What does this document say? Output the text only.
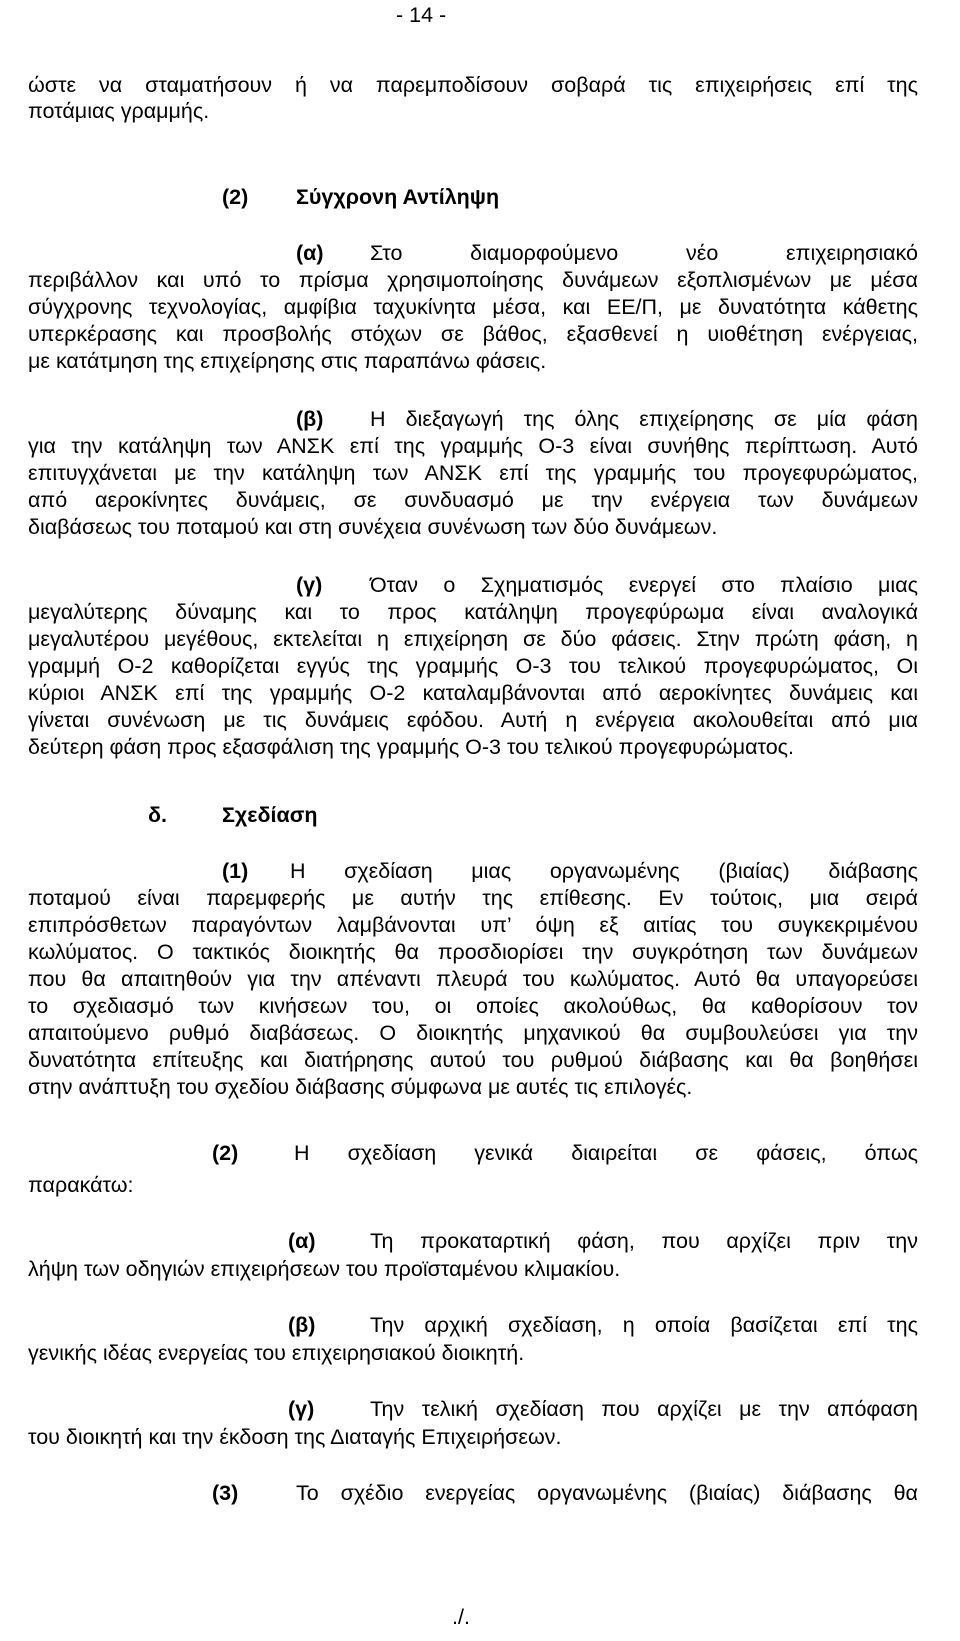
- 14 -
ώστε να σταματήσουν ή να παρεμποδίσουν σοβαρά τις επιχειρήσεις επί της
ποτάμιας γραμμής.
(2) Σύγχρονη Αντίληψη
(α) Στο διαμορφούμενο νέο επιχειρησιακό
περιβάλλον και υπό το πρίσμα χρησιμοποίησης δυνάμεων εξοπλισμένων με μέσα
σύγχρονης τεχνολογίας, αμφίβια ταχυκίνητα μέσα, και ΕΕ/Π, με δυνατότητα κάθετης
υπερκέρασης και προσβολής στόχων σε βάθος, εξασθενεί η υιοθέτηση ενέργειας,
με κατάτμηση της επιχείρησης στις παραπάνω φάσεις.
(β) Η διεξαγωγή της όλης επιχείρησης σε μία φάση
για την κατάληψη των ΑΝΣΚ επί της γραμμής Ο-3 είναι συνήθης περίπτωση. Αυτό
επιτυγχάνεται με την κατάληψη των ΑΝΣΚ επί της γραμμής του προγεφυρώματος,
από αεροκίνητες δυνάμεις, σε συνδυασμό με την ενέργεια των δυνάμεων
διαβάσεως του ποταμού και στη συνέχεια συνένωση των δύο δυνάμεων.
(γ) Όταν ο Σχηματισμός ενεργεί στο πλαίσιο μιας
μεγαλύτερης δύναμης και το προς κατάληψη προγεφύρωμα είναι αναλογικά
μεγαλυτέρου μεγέθους, εκτελείται η επιχείρηση σε δύο φάσεις. Στην πρώτη φάση, η
γραμμή Ο-2 καθορίζεται εγγύς της γραμμής Ο-3 του τελικού προγεφυρώματος, Οι
κύριοι ΑΝΣΚ επί της γραμμής Ο-2 καταλαμβάνονται από αεροκίνητες δυνάμεις και
γίνεται συνένωση με τις δυνάμεις εφόδου. Αυτή η ενέργεια ακολουθείται από μια
δεύτερη φάση προς εξασφάλιση της γραμμής Ο-3 του τελικού προγεφυρώματος.
δ.	Σχεδίαση
(1) Η σχεδίαση μιας οργανωμένης (βιαίας) διάβασης
ποταμού είναι παρεμφερής με αυτήν της επίθεσης. Εν τούτοις, μια σειρά
επιπρόσθετων παραγόντων λαμβάνονται υπ’ όψη εξ αιτίας του συγκεκριμένου
κωλύματος. Ο τακτικός διοικητής θα προσδιορίσει την συγκρότηση των δυνάμεων
που θα απαιτηθούν για την απέναντι πλευρά του κωλύματος. Αυτό θα υπαγορεύσει
το σχεδιασμό των κινήσεων του, οι οποίες ακολούθως, θα καθορίσουν τον
απαιτούμενο ρυθμό διαβάσεως. Ο διοικητής μηχανικού θα συμβουλεύσει για την
δυνατότητα επίτευξης και διατήρησης αυτού του ρυθμού διάβασης και θα βοηθήσει
στην ανάπτυξη του σχεδίου διάβασης σύμφωνα με αυτές τις επιλογές.
(2)	Η σχεδίαση γενικά διαιρείται σε φάσεις, όπως
παρακάτω:
(α)	Τη προκαταρτική φάση, που αρχίζει πριν την
λήψη των οδηγιών επιχειρήσεων του προϊσταμένου κλιμακίου.
(β)	Την αρχική σχεδίαση, η οποία βασίζεται επί της
γενικής ιδέας ενεργείας του επιχειρησιακού διοικητή.
(γ)	Την τελική σχεδίαση που αρχίζει με την απόφαση
του διοικητή και την έκδοση της Διαταγής Επιχειρήσεων.
(3)	Το σχέδιο ενεργείας οργανωμένης (βιαίας) διάβασης θα
./.
